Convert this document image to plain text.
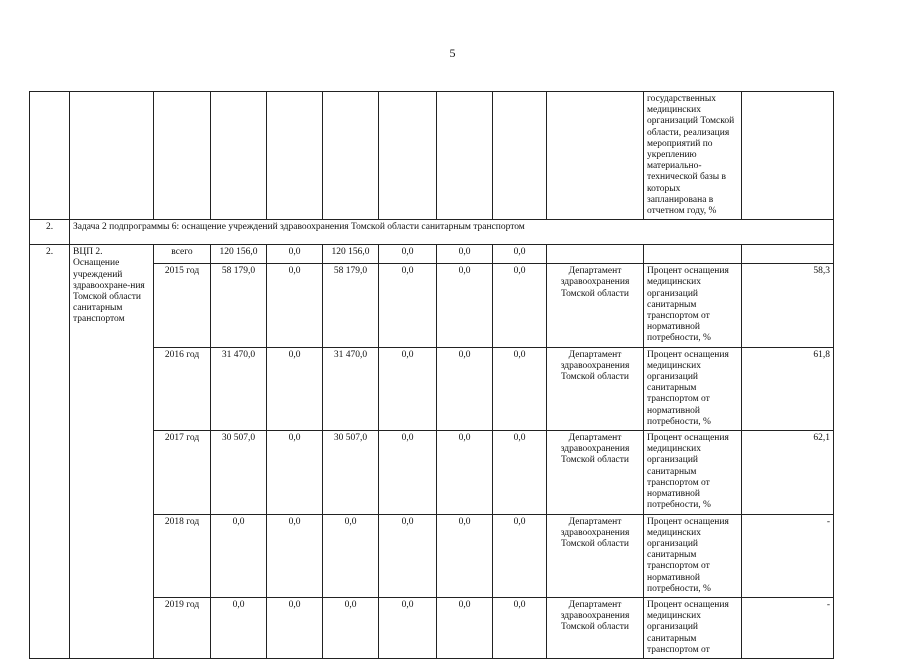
5
										государственных медицинских организаций Томской области, реализация мероприятий по укреплению материально-технической базы в которых запланирована в отчетном году, %	
2.	Задача 2 подпрограммы 6: оснащение учреждений здравоохранения Томской области санитарным транспортом										
2.	ВЦП 2. Оснащение учреждений здравоохране-ния Томской области санитарным транспортом	всего	120 156,0	0,0	120 156,0	0,0	0,0	0,0			
		2015 год	58 179,0	0,0	58 179,0	0,0	0,0	0,0	Департамент здравоохранения Томской области	Процент оснащения медицинских организаций санитарным транспортом от нормативной потребности, %	58,3
		2016 год	31 470,0	0,0	31 470,0	0,0	0,0	0,0	Департамент здравоохранения Томской области	Процент оснащения медицинских организаций санитарным транспортом от нормативной потребности, %	61,8
		2017 год	30 507,0	0,0	30 507,0	0,0	0,0	0,0	Департамент здравоохранения Томской области	Процент оснащения медицинских организаций санитарным транспортом от нормативной потребности, %	62,1
		2018 год	0,0	0,0	0,0	0,0	0,0	0,0	Департамент здравоохранения Томской области	Процент оснащения медицинских организаций санитарным транспортом от нормативной потребности, %	-
		2019 год	0,0	0,0	0,0	0,0	0,0	0,0	Департамент здравоохранения Томской области	Процент оснащения медицинских организаций санитарным транспортом от	-
